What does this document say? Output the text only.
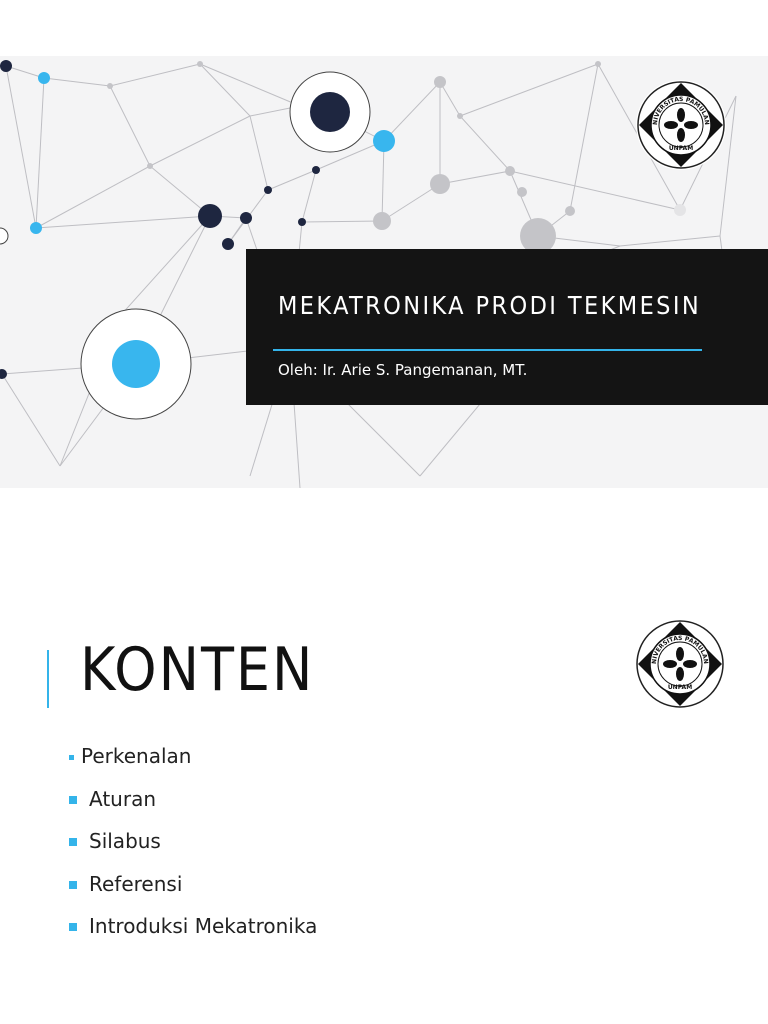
NIVERSITAS PAMULAN
UNPAM
MEKATRONIKA PRODI TEKMESIN
Oleh: Ir. Arie S. Pangemanan, MT.
NIVERSITAS PAMULAN
UNPAM
KONTEN
Perkenalan
Aturan
Silabus
Referensi
Introduksi Mekatronika
